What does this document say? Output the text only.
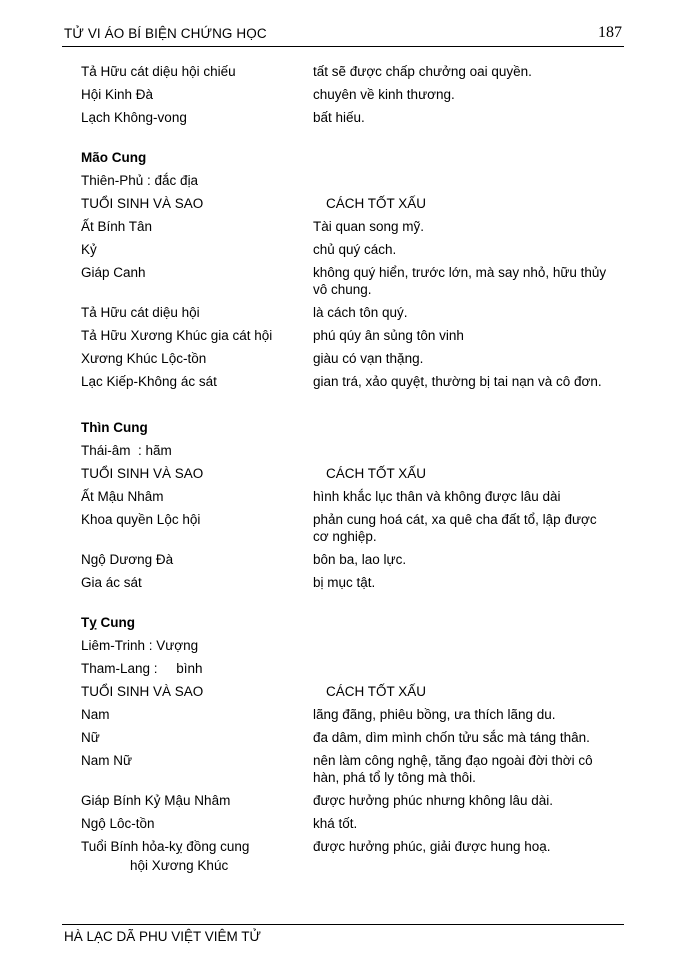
TỬ VI ÁO BÍ BIỆN CHỨNG HỌC	187
Tả Hữu cát diệu hội chiếu	tất sẽ được chấp chưởng oai quyền.
Hội Kinh Đà	chuyên về kinh thương.
Lạch Không-vong	bất hiếu.
Mão Cung
Thiên-Phủ : đắc địa
TUỔI SINH VÀ SAO	CÁCH TỐT XẤU
Ất Bính Tân	Tài quan song mỹ.
Kỷ	chủ quý cách.
Giáp Canh	không quý hiển, trước lớn, mà say nhỏ, hữu thủy vô chung.
Tả Hữu cát diệu hội	là cách tôn quý.
Tả Hữu Xương Khúc gia cát hội	phú qúy ân sủng tôn vinh
Xương Khúc Lộc-tồn	giàu có vạn thặng.
Lạc Kiếp-Không ác sát	gian trá, xảo quyệt, thường bị tai nạn và cô đơn.
Thìn Cung
Thái-âm  : hãm
TUỔI SINH VÀ SAO	CÁCH TỐT XẤU
Ất Mậu Nhâm	hình khắc lục thân và không được lâu dài
Khoa quyền Lộc hội	phản cung hoá cát, xa quê cha đất tổ, lập được cơ nghiệp.
Ngộ Dương Đà	bôn ba, lao lực.
Gia ác sát	bị mục tật.
Tỵ Cung
Liêm-Trinh : Vượng
Tham-Lang :     bình
TUỔI SINH VÀ SAO	CÁCH TỐT XẤU
Nam	lãng đãng, phiêu bồng, ưa thích lãng du.
Nữ	đa dâm, dìm mình chốn tửu sắc mà táng thân.
Nam Nữ	nên làm công nghệ, tăng đạo ngoài đời thời cô hàn, phá tổ ly tông mà thôi.
Giáp Bính Kỷ Mậu Nhâm	được hưởng phúc nhưng không lâu dài.
Ngộ Lôc-tồn	khá tốt.
Tuổi Bính hỏa-kỵ đồng cung	được hưởng phúc, giải được hung hoạ.
hội Xương Khúc
HÀ LẠC DÃ PHU VIỆT VIÊM TỬ
